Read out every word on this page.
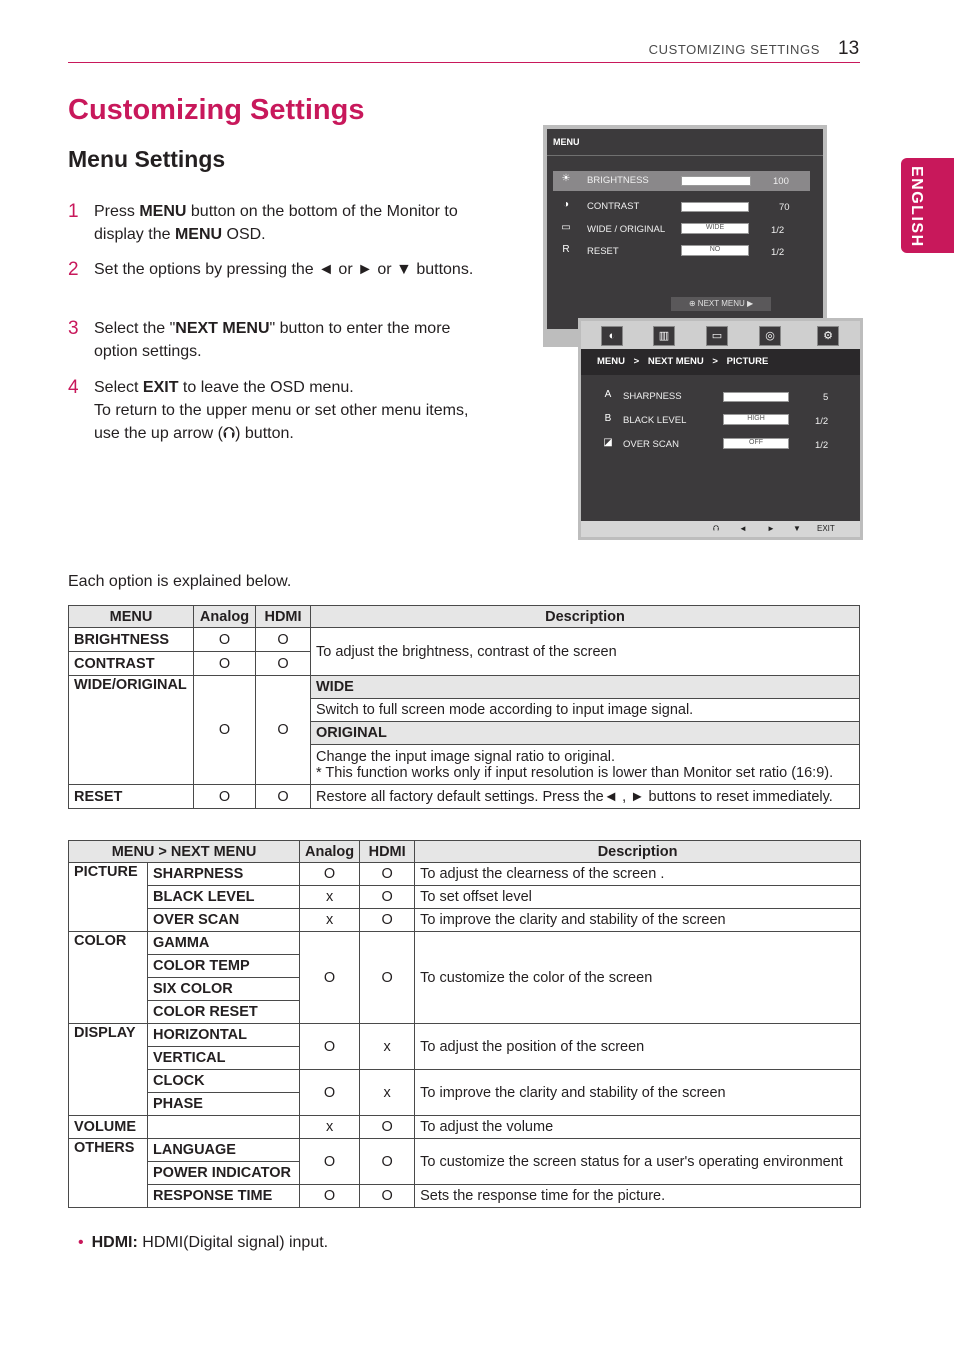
CUSTOMIZING SETTINGS 13
ENGLISH
Customizing Settings
Menu Settings
1 Press MENU button on the bottom of the Monitor to display the MENU OSD.
2 Set the options by pressing the ◄ or ► or ▼ buttons.
3 Select the "NEXT MENU" button to enter the more option settings.
4 Select EXIT to leave the OSD menu.
To return to the upper menu or set other menu items, use the up arrow (⮉) button.
MENU
☀ BRIGHTNESS	100
◑ CONTRAST	70
▭ WIDE / ORIGINAL	WIDE	1/2
R RESET	NO	1/2
⊕ NEXT MENU ▶
◐	▥	▭	◎	⚙
MENU > NEXT MENU > PICTURE
A SHARPNESS	5
B BLACK LEVEL	HIGH	1/2
◪ OVER SCAN	OFF	1/2
⮉ ◄	► ▼ EXIT
Each option is explained below.
MENU	Analog	HDMI	Description
BRIGHTNESS	O	O	To adjust the brightness, contrast of the screen
CONTRAST	O	O	
WIDE/ORIGINAL	O	O	WIDE
			Switch to full screen mode according to input image signal.
			ORIGINAL
			Change the input image signal ratio to original.
* This function works only if input resolution is lower than Monitor set ratio (16:9).
RESET	O	O	Restore all factory default settings. Press the◄ , ► buttons to reset immediately.
MENU > NEXT MENU		Analog	HDMI	Description
PICTURE	SHARPNESS	O	O	To adjust the clearness of the screen .
	BLACK LEVEL	x	O	To set offset level
	OVER SCAN	x	O	To improve the clarity and stability of the screen
COLOR	GAMMA	O	O	To customize the color of the screen
	COLOR TEMP			
	SIX COLOR			
	COLOR RESET			
DISPLAY	HORIZONTAL	O	x	To adjust the position of the screen
	VERTICAL			
	CLOCK	O	x	To improve the clarity and stability of the screen
	PHASE			
VOLUME		x	O	To adjust the volume
OTHERS	LANGUAGE	O	O	To customize the screen status for a user's operating environment
	POWER INDICATOR			
	RESPONSE TIME	O	O	Sets the response time for the picture.
• HDMI: HDMI(Digital signal) input.
